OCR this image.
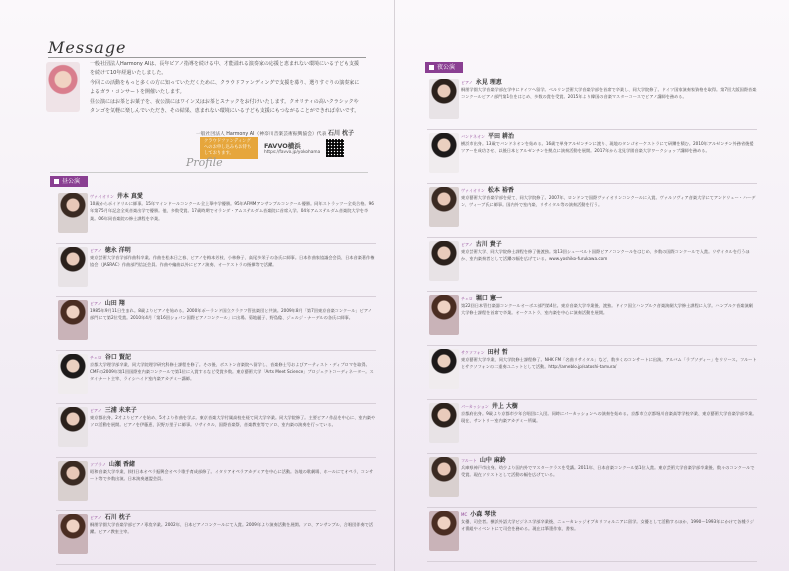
Message

一般社団法人Harmony AIは、長年ピアノ指導を続ける中、才能溢れる演奏家の応援と恵まれない環境にいる子ども支援を続けて10年経過いたしました。

今回この活動をもっと多くの方に知っていただくために、クラウドファンディングで支援を募り、選りすぐりの演奏家によるガラ・コンサートを開催いたします。

昼公演にはお茶とお菓子を、夜公演にはワイン又はお茶とスナックをお付けいたします。クオリティの高いクラシックやタンゴを気軽に楽しんでいただき、その結果、恵まれない環境にいる子ども支援にもつながることができれば幸いです。

一般社団法人 Harmony AI（神奈川音楽芸術振興協会）代表 石川 枕子
クラウドファンディングへのお申し込みもお待ちしております。
FAVVO横浜
https://favvo.jp/yokohama
Profile
昼公演
ヴァイオリン 井本 真愛
10歳からポイドリルに師事。15年マインドールコンクール全上華中学優勝。95年AFMMアンサンブルコンクール優勝。同年ストラッツー全英合格。96年第75月年記念全英音楽出学で優勝。他、多数受賞。17歳時期でオランダ・アムステルダム音楽院に首席入学。04年アムステルダム音楽院大学を卒業。06年同音楽院の修士課程を卒業。
ピアノ 徳永 洋明
東京芸術大学音学部作曲科卒業。作曲を松本日之春、ピアノを梅本芳枝、小林修子、高尾多栄子の各氏に師事。日本作曲家協議会会員、日本音楽著作権協会（JASRAC）作曲部門信託会員。作曲や編曲以外にピアノ演奏、オーケストラの指揮等で活躍。
ピアノ 山田 翔
1985年9月11日生まれ。8歳よりピアノを始める。2000年ポーランド国立クラクフ管弦楽団と共演。2009年8月「第7回東京音楽コンクール」ピアノ部門にて第2位受賞。2010年4月「第16回ショパン国際ピアノコンクール」に出場。菊地麗子、野島稔、ジェルジ・ナーデルの各氏に師事。
チェロ 谷口 賢記
京都大学理学部卒業、同大学院理学研究科修士課程を修了。その後、ボストン音楽院へ留学し、音楽修士号およびアーティスト・ディプロマを取得。CMFの2009年第1回国際室内楽コンクールで第1位に入賞するなど受賞多数。東京藝術大学「Arts Meet Science」プロジェクトコーディネーター。スタイナート主宰、ライシハイド室内楽アカデミー講師。
ピアノ 三浦 未来子
東京都出身。2才よりピアノを始め、5才より作曲を学ぶ。東京音楽大学付属高校を経て同大学卒業。同大学院修了。主要ピアノ作品を中心に、室内楽やソロ活動を展開。ピアノを伊藤恵、沢野万里子に師事。リサイタル、国際音楽祭、音楽教室等でソロ、室内楽の演奏を行っている。
ソプラノ 山瀬 香緒
昭和音楽大学卒業、(財)日本オペラ振興会オペラ歌手育成部修了。イタリアオペラアカデミアを中心に活動。各地の歌劇場、ホールにてオペラ、コンサート等で多数出演。日本演奏連盟会員。
ピアノ 石川 枕子
桐朋学園大学音楽学部ピアノ専攻卒業。2002年、日本ピアノコンクールにて入賞。2009年より演奏活動を展開。ソロ、アンサンブル、合唱団伴奏で活躍。ピアノ教室主宰。
夜公演
ピアノ 永見 理恵
桐朋学園大学音楽学部在学中にドイツへ留学。ベルリン芸術大学音楽学部を首席で卒業し、同大学院修了。ドイツ国家演奏家資格を取得。第7回大阪国際音楽コンクールピアノ部門第1位をはじめ、多数の賞を受賞。2015年より韓国の音楽マスターコースでピアノ講師を務める。
バンドネオン 平田 耕治
横浜市出身。13歳でバンドネオンを始める。16歳で単身アルゼンチンに渡り、現地のタンゴオーケストラにて研鑽を積む。2010年アルゼンチン外務省後援ツアーを成功させ、以後日本とアルゼンチンを拠点に演奏活動を展開。2017年から北見学園音楽大学ワークショップ講師を務める。
ヴァイオリン 松本 裕香
東京藝術大学音楽学部を経て、同大学院修了。2007年、ロンドンで国際ヴァイオリンコンクールに入賞。ヴァルソヴィア音楽大学にてアンドリュー・ハーデン、ヴィーブ氏に師事。国内外で室内楽、リサイタル等の演奏活動を行う。
ピアノ 古川 貴子
東京芸術大学、同大学院修士課程を修了後渡独。第13回シューベルト国際ピアノコンクールをはじめ、多数の国際コンクールで入賞。リサイタルを行うほか、室内楽奏者として活躍の幅を広げている。www.yoshiko-furukawa.com
チェロ 堀口 憲一
第22回日本管打楽器コンクールオーボエ部門第4位。東京音楽大学卒業後、渡独。ドイツ国立ハンブルク音楽演劇大学修士課程に入学。ハンブルク音楽演劇大学修士課程を首席で卒業。オーケストラ、室内楽を中心に演奏活動を展開。
サクソフォン 田村 哲
東京藝術大学卒業、同大学院修士課程修了。NHK FM「名曲リサイタル」など、数多くのコンサートに出演。アルバム「ラプソディー」をリリース。フルートとサクソフォンの二重奏ユニットとして活動。http://ameblo.jp/satoshi-tamura/
パーカッション 井上 大樹
京都府出身。9歳より京都市少年合唱団に入団。同時にパーカッションへの演奏を始める。京都市立京都堀川音楽高等学校卒業、東京藝術大学音楽学部卒業。現在、サントリー室内楽アカデミー所属。
フルート 山中 麻鈴
兵庫県神戸市出身。幼少より国内外でマスタークラスを受講。2011年、日本音楽コンクール第1位入賞。東京芸術大学音楽学部卒業後、数々のコンクールで受賞。現在ソリストとして活動の幅を広げている。
MC 小森 琴世
女優、司会者。横浜外語大学ビジネス学部卒業後、ニューカレッジオブカリフォルニアに留学。女優として活動するほか、1990〜1993年にかけて各種ラジオ番組やイベントにて司会を務める。現在は筆墨作家、書家。
